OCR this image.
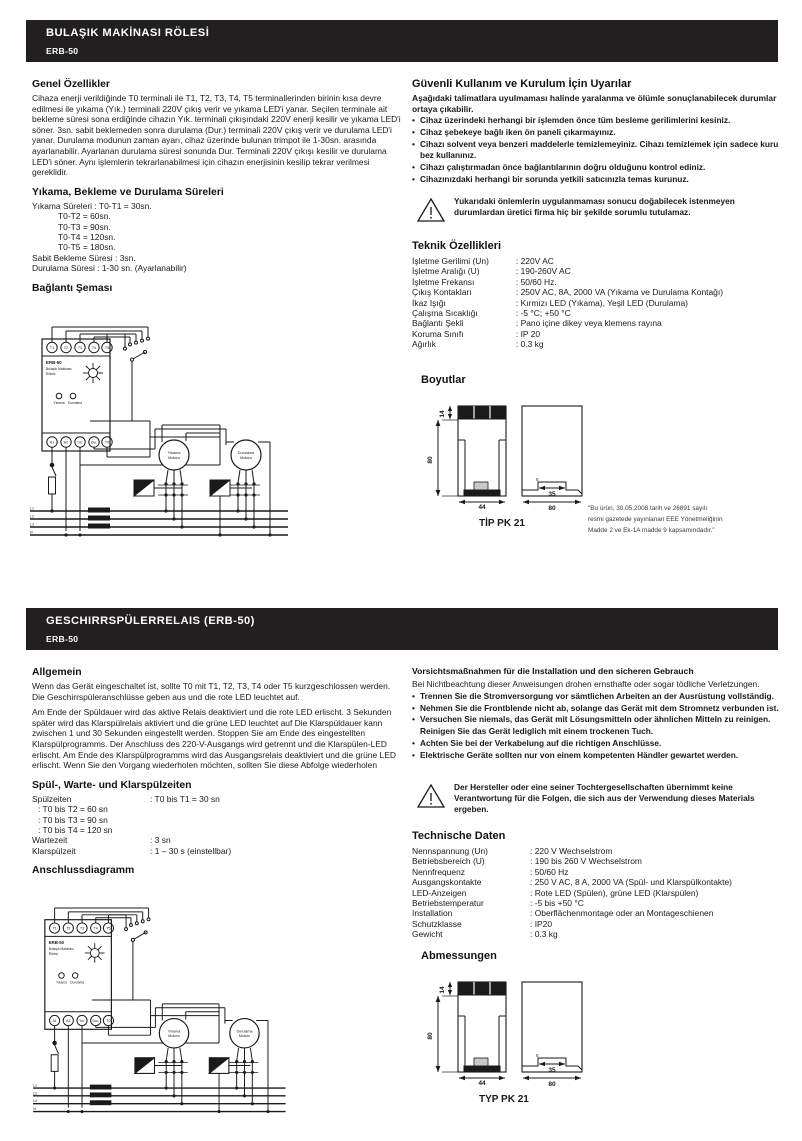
BULAŞIK MAKİNASI RÖLESİ
ERB-50
Genel Özellikler

Cihaza enerji verildiğinde T0 terminali ile T1, T2, T3, T4, T5 terminallerinden birinin kısa devre edilmesi ile yıkama (Yık.) terminali 220V çıkış verir ve yıkama LED'i yanar. Seçilen terminale ait bekleme süresi sona erdiğinde cihazın Yık. terminali çıkışındaki 220V enerji kesilir ve yıkama LED'i söner. 3sn. sabit beklemeden sonra durulama (Dur.) terminali 220V çıkış verir ve durulama LED'i yanar. Durulama modunun zaman ayarı, cihaz üzerinde bulunan trimpot ile 1-30sn. arasında ayarlanabilir. Ayarlanan durulama süresi sonunda Dur. Terminali 220V çıkışı kesilir ve durulama LED'i söner. Aynı işlemlerin tekrarlanabilmesi için cihazın enerjisinin kesilip tekrar verilmesi gereklidir.

Yıkama, Bekleme ve Durulama Süreleri
Yıkama Süreleri : T0-T1 = 30sn.
T0-T2 = 60sn.
T0-T3 = 90sn.
T0-T4 = 120sn.
T0-T5 = 180sn.
Sabit Bekleme Süresi : 3sn.
Durulama Süresi : 1-30 sn. (Ayarlanabilir)
Bağlantı Şeması
T1	T2	T3	T4 T5
A1	A2 Yık. Dur. T0
ERB-50
Bulaşık Makinası
Rölesi
Yıkama Durulama
Yıkama
Motoru
Durulama
Motoru
L1
L2
L3
N
Güvenli Kullanım ve Kurulum İçin Uyarılar

Aşağıdaki talimatlara uyulmaması halinde yaralanma ve ölümle sonuçlanabilecek durumlar ortaya çıkabilir.

• Cihaz üzerindeki herhangi bir işlemden önce tüm besleme gerilimlerini kesiniz.
• Cihaz şebekeye bağlı iken ön paneli çıkarmayınız.
• Cihazı solvent veya benzeri maddelerle temizlemeyiniz. Cihazı temizlemek için sadece kuru bez kullanınız.
• Cihazı çalıştırmadan önce bağlantılarının doğru olduğunu kontrol ediniz.
• Cihazınızdaki herhangi bir sorunda yetkili satıcınızla temas kurunuz.

Yukarıdaki önlemlerin uygulanmaması sonucu doğabilecek istenmeyen durumlardan üretici firma hiç bir şekilde sorumlu tutulamaz.

Teknik Özellikleri
İşletme Gerilimi (Un)	: 220V AC
İşletme Aralığı (U)	: 190-260V AC
İşletme Frekansı	: 50/60 Hz.
Çıkış Kontakları	: 250V AC, 8A, 2000 VA (Yıkama ve Durulama Kontağı)
İkaz Işığı	: Kırmızı LED (Yıkama), Yeşil LED (Durulama)
Çalışma Sıcaklığı	: -5 °C; +50 °C
Bağlantı Şekli	: Pano içine dikey veya klemens rayına
Koruma Sınıfı	: IP 20
Ağırlık	: 0.3 kg
Boyutlar
80
14
44
35
80
5
TİP PK 21
"Bu ürün, 30.05.2008 tarih ve 26891 sayılı
resmi gazetede yayınlanan EEE Yönetmeliğinin
Madde 2 ve Ek-1A madde 9 kapsamındadır."
GESCHIRRSPÜLERRELAIS (ERB-50)
ERB-50
Allgemein

Wenn das Gerät eingeschaltet ist, sollte T0 mit T1, T2, T3, T4 oder T5 kurzgeschlossen werden. Die Geschirrspüleranschlüsse geben aus und die rote LED leuchtet auf.

Am Ende der Spüldauer wird das aktive Relais deaktiviert und die rote LED erlischt. 3 Sekunden später wird das Klarspülrelais aktiviert und die grüne LED leuchtet auf Die Klarspüldauer kann zwischen 1 und 30 Sekunden eingestellt werden. Stoppen Sie am Ende des eingestellten Klarspülprogramms. Der Anschluss des 220-V-Ausgangs wird getrennt und die Klarspülen-LED erlischt. Am Ende des Klarspülprogramms wird das Ausgangsrelais deaktiviert und die grüne LED erlischt. Wenn Sie den Vorgang wiederholen möchten, sollten Sie diese Abfolge wiederholen

Spül-, Warte- und Klarspülzeiten
Spülzeiten	: T0 bis T1 = 30 sn
: T0 bis T2 = 60 sn	
: T0 bis T3 = 90 sn	
: T0 bis T4 = 120 sn	
Wartezeit	: 3 sn
Klarspülzeit	: 1 – 30 s (einstellbar)
Anschlussdiagramm
T1	T2	T3	T4 T5
A1	A2 Yık. Dur. T0
ERB-50
Bulaşık Makinası
Rölesi
Yıkama Durulama
Yıkama
Motoru
Durulama
Motoru
L1
L2
L3
N
Vorsichtsmaßnahmen für die Installation und den sicheren Gebrauch

Bei Nichtbeachtung dieser Anweisungen drohen ernsthafte oder sogar tödliche Verletzungen.

• Trennen Sie die Stromversorgung vor sämtlichen Arbeiten an der Ausrüstung vollständig.
• Nehmen Sie die Frontblende nicht ab, solange das Gerät mit dem Stromnetz verbunden ist.
• Versuchen Sie niemals, das Gerät mit Lösungsmitteln oder ähnlichen Mitteln zu reinigen. Reinigen Sie das Gerät lediglich mit einem trockenen Tuch.
• Achten Sie bei der Verkabelung auf die richtigen Anschlüsse.
• Elektrische Geräte sollten nur von einem kompetenten Händler gewartet werden.

Der Hersteller oder eine seiner Tochtergesellschaften übernimmt keine Verantwortung für die Folgen, die sich aus der Verwendung dieses Materials ergeben.

Technische Daten
Nennspannung (Un)	: 220 V Wechselstrom
Betriebsbereich (U)	: 190 bis 260 V Wechselstrom
Nennfrequenz	: 50/60 Hz
Ausgangskontakte	: 250 V AC, 8 A, 2000 VA (Spül- und Klarspülkontakte)
LED-Anzeigen	: Rote LED (Spülen), grüne LED (Klarspülen)
Betriebstemperatur	: -5 bis +50 °C
Installation	: Oberflächenmontage oder an Montageschienen
Schutzklasse	: IP20
Gewicht	: 0.3 kg
Abmessungen
80
14
44
35
80
5
TYP PK 21
